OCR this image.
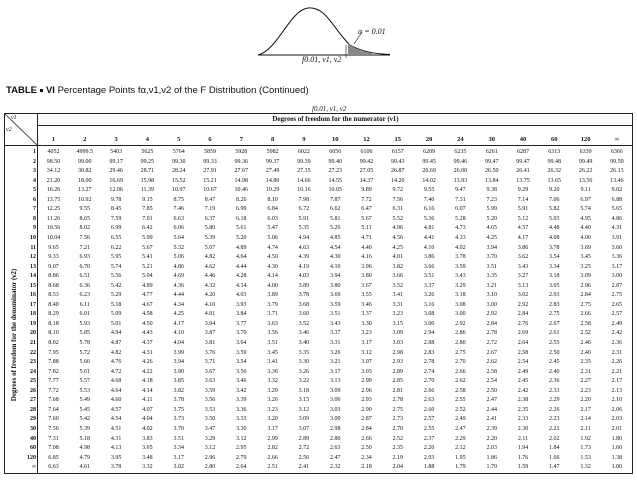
α = 0.01
f0.01, ν1, ν2
TABLE VI Percentage Points fα,ν1,ν2 of the F Distribution (Continued)
f0.01, ν1, ν2
ν1
ν2
Degrees of freedom for the numerator (ν1)
Degrees of freedom for the denominator (ν2)
1	2	3	4	5	6	7	8	9	10	12	15	20	24	30	40	60	120	∞
1	4052	4999.5	5403	5625	5764	5859	5928	5982	6022	6056	6106	6157	6209	6235	6261	6287	6313	6339	6366
2	98.50	99.00	99.17	99.25	99.30	99.33	99.36	99.37	99.39	99.40	99.42	99.43	99.45	99.46	99.47	99.47	99.48	99.49	99.50
3	34.12	30.82	29.46	28.71	28.24	27.91	27.67	27.49	27.35	27.23	27.05	26.87	26.69	26.00	26.50	26.41	26.32	26.22	26.13
4	21.20	18.00	16.69	15.98	15.52	15.21	14.98	14.80	14.66	14.55	14.37	14.20	14.02	13.93	13.84	13.75	13.65	13.56	13.46
5	16.26	13.27	12.06	11.39	10.97	10.67	10.46	10.29	10.16	10.05	9.89	9.72	9.55	9.47	9.38	9.29	9.20	9.11	9.02
6	13.75	10.92	9.78	9.15	8.75	8.47	8.26	8.10	7.98	7.87	7.72	7.56	7.40	7.31	7.23	7.14	7.06	6.97	6.88
7	12.25	9.55	8.45	7.85	7.46	7.19	6.99	6.84	6.72	6.62	6.47	6.31	6.16	6.07	5.99	5.91	5.82	5.74	5.65
8	11.26	8.65	7.59	7.01	6.63	6.37	6.18	6.03	5.91	5.81	5.67	5.52	5.36	5.28	5.20	5.12	5.03	4.95	4.86
9	10.56	8.02	6.99	6.42	6.06	5.80	5.61	5.47	5.35	5.26	5.11	4.96	4.81	4.73	4.65	4.57	4.48	4.40	4.31
10	10.04	7.56	6.55	5.99	5.64	5.39	5.20	5.06	4.94	4.85	4.71	4.56	4.41	4.33	4.25	4.17	4.08	4.00	3.91
11	9.65	7.21	6.22	5.67	5.32	5.07	4.89	4.74	4.63	4.54	4.40	4.25	4.10	4.02	3.94	3.86	3.78	3.69	3.60
12	9.33	6.93	5.95	5.41	5.06	4.82	4.64	4.50	4.39	4.30	4.16	4.01	3.86	3.78	3.70	3.62	3.54	3.45	3.36
13	9.07	6.70	5.74	5.21	4.86	4.62	4.44	4.30	4.19	4.10	3.96	3.82	3.66	3.59	3.51	3.43	3.34	3.25	3.17
14	8.86	6.51	5.56	5.04	4.69	4.46	4.28	4.14	4.03	3.94	3.80	3.66	3.51	3.43	3.35	3.27	3.18	3.09	3.00
15	8.68	6.36	5.42	4.89	4.36	4.32	4.14	4.00	3.89	3.80	3.67	3.52	3.37	3.29	3.21	3.13	3.05	2.96	2.87
16	8.53	6.23	5.29	4.77	4.44	4.20	4.03	3.89	3.78	3.69	3.55	3.41	3.26	3.18	3.10	3.02	2.93	2.84	2.75
17	8.40	6.11	5.18	4.67	4.34	4.10	3.93	3.79	3.68	3.59	3.46	3.31	3.16	3.08	3.00	2.92	2.83	2.75	2.65
18	8.29	6.01	5.09	4.58	4.25	4.01	3.84	3.71	3.60	3.51	3.37	3.23	3.08	3.00	2.92	2.84	2.75	2.66	2.57
19	8.18	5.93	5.01	4.50	4.17	3.94	3.77	3.63	3.52	3.43	3.30	3.15	3.00	2.92	2.84	2.76	2.67	2.58	2.49
20	8.10	5.85	4.94	4.43	4.10	3.87	3.70	3.56	3.46	3.37	3.23	3.09	2.94	2.86	2.78	2.69	2.61	2.52	2.42
21	8.02	5.78	4.87	4.37	4.04	3.81	3.64	3.51	3.40	3.31	3.17	3.03	2.88	2.80	2.72	2.64	2.55	2.46	2.36
22	7.95	5.72	4.82	4.31	3.99	3.76	3.59	3.45	3.35	3.26	3.12	2.98	2.83	2.75	2.67	2.58	2.50	2.40	2.31
23	7.88	5.66	4.76	4.26	3.94	3.71	3.54	3.41	3.30	3.21	3.07	2.93	2.78	2.70	2.62	2.54	2.45	2.35	2.26
24	7.82	5.61	4.72	4.22	3.90	3.67	3.50	3.36	3.26	3.17	3.03	2.89	2.74	2.66	2.58	2.49	2.40	2.31	2.21
25	7.77	5.57	4.68	4.18	3.85	3.63	3.46	3.32	3.22	3.13	2.99	2.85	2.70	2.62	2.54	2.45	2.36	2.27	2.17
26	7.72	5.53	4.64	4.14	3.82	3.59	3.42	3.29	3.18	3.09	2.96	2.81	2.66	2.58	2.50	2.42	2.33	2.23	2.13
27	7.68	5.49	4.60	4.11	3.78	3.56	3.39	3.26	3.15	3.06	2.93	2.78	2.63	2.55	2.47	2.38	2.29	2.20	2.10
28	7.64	5.45	4.57	4.07	3.75	3.53	3.36	3.23	3.12	3.03	2.90	2.75	2.60	2.52	2.44	2.35	2.26	2.17	2.06
29	7.60	5.42	4.54	4.04	3.73	3.50	3.33	3.20	3.09	3.00	2.87	2.73	2.57	2.49	2.41	2.33	2.23	2.14	2.03
30	7.56	5.39	4.51	4.02	3.70	3.47	3.30	3.17	3.07	2.98	2.84	2.70	2.55	2.47	2.39	2.30	2.21	2.11	2.01
40	7.31	5.18	4.31	3.83	3.51	3.29	3.12	2.99	2.89	2.80	2.66	2.52	2.37	2.29	2.20	2.11	2.02	1.92	1.80
60	7.08	4.98	4.13	3.65	3.34	3.12	2.95	2.82	2.72	2.63	2.50	2.35	2.20	2.12	2.03	1.94	1.84	1.73	1.60
120	6.85	4.79	3.95	3.48	3.17	2.96	2.79	2.66	2.56	2.47	2.34	2.19	2.03	1.95	1.86	1.76	1.66	1.53	1.38
∞	6.63	4.61	3.78	3.32	3.02	2.80	2.64	2.51	2.41	2.32	2.18	2.04	1.88	1.79	1.70	1.59	1.47	1.32	1.00
